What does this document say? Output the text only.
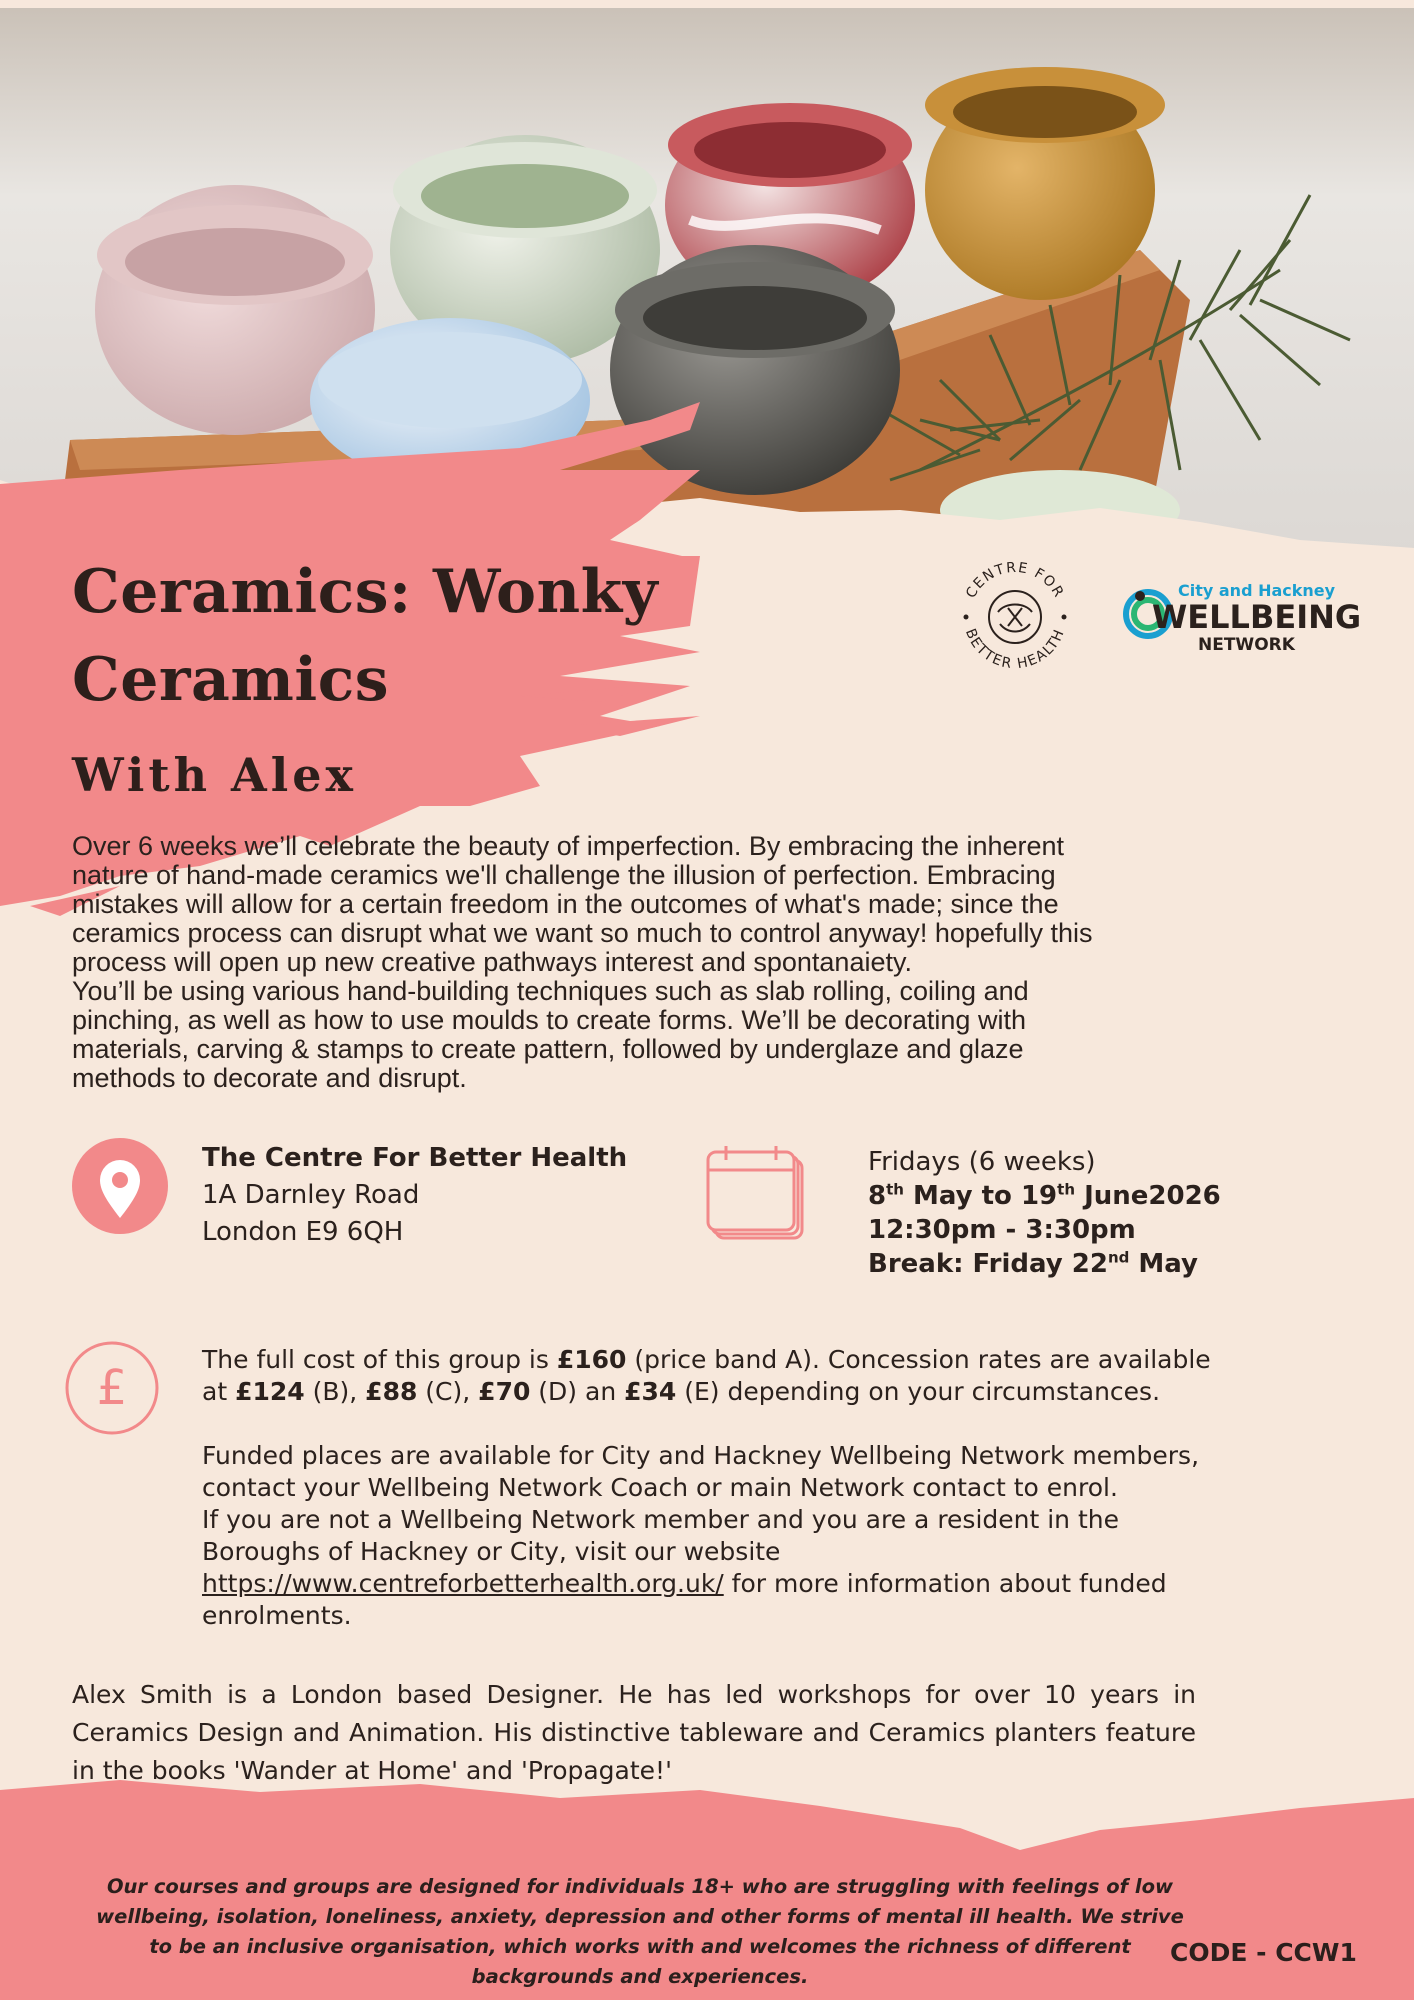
Ceramics: Wonky Ceramics
With Alex
CENTRE FOR
BETTER HEALTH
City and Hackney
WELLBEING
NETWORK

Over 6 weeks we’ll celebrate the beauty of imperfection. By embracing the inherent nature of hand-made ceramics we'll challenge the illusion of perfection. Embracing mistakes will allow for a certain freedom in the outcomes of what's made; since the ceramics process can disrupt what we want so much to control anyway! hopefully this process will open up new creative pathways interest and spontanaiety.

You’ll be using various hand-building techniques such as slab rolling, coiling and pinching, as well as how to use moulds to create forms. We’ll be decorating with materials, carving & stamps to create pattern, followed by underglaze and glaze methods to decorate and disrupt.

The Centre For Better Health
1A Darnley Road
London E9 6QH
Fridays (6 weeks)
8th May to 19th June2026
12:30pm - 3:30pm
Break: Friday 22nd May
£

The full cost of this group is £160 (price band A). Concession rates are available at £124 (B), £88 (C), £70 (D) an £34 (E) depending on your circumstances.

Funded places are available for City and Hackney Wellbeing Network members, contact your Wellbeing Network Coach or main Network contact to enrol.

If you are not a Wellbeing Network member and you are a resident in the Boroughs of Hackney or City, visit our website https://www.centreforbetterhealth.org.uk/ for more information about funded enrolments.

Alex Smith is a London based Designer. He has led workshops for over 10 years in Ceramics Design and Animation. His distinctive tableware and Ceramics planters feature in the books 'Wander at Home' and 'Propagate!'
Our courses and groups are designed for individuals 18+ who are struggling with feelings of low wellbeing, isolation, loneliness, anxiety, depression and other forms of mental ill health. We strive to be an inclusive organisation, which works with and welcomes the richness of different backgrounds and experiences.
CODE - CCW1
